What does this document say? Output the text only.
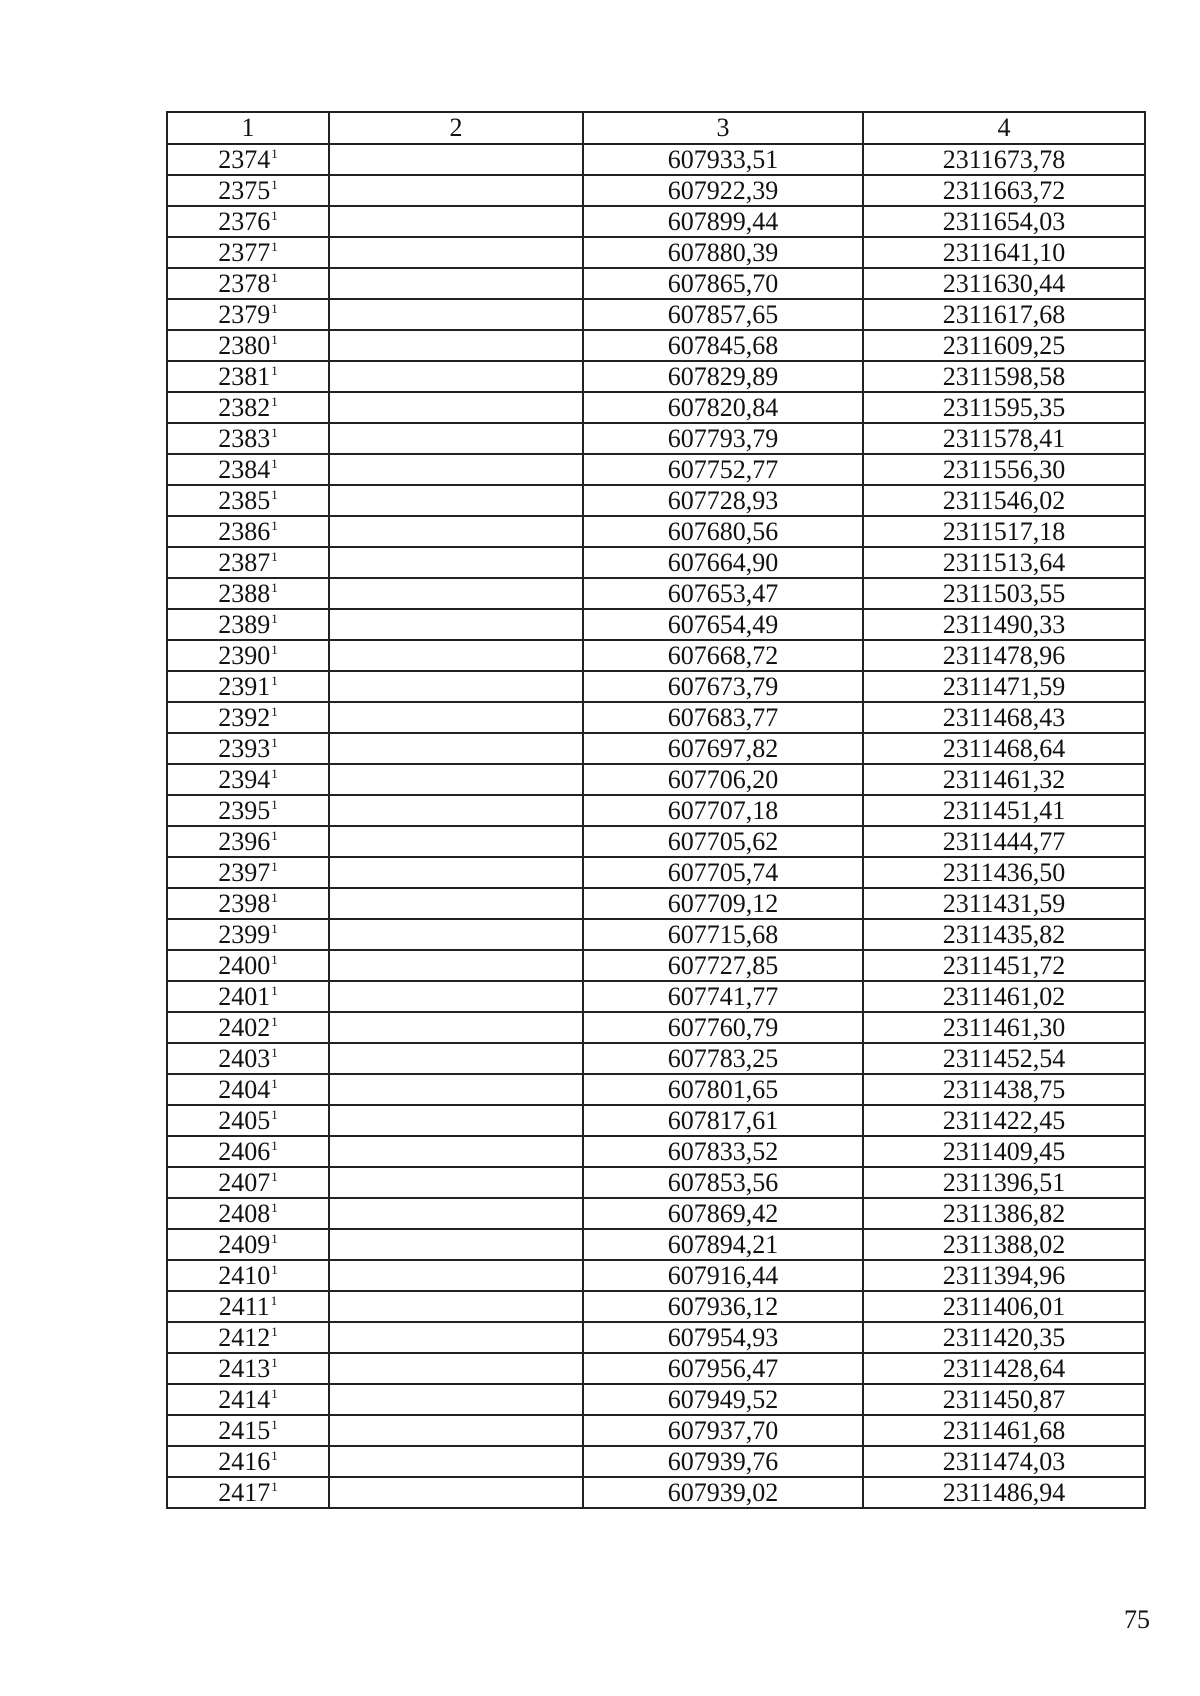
1	2	3	4
2374$^1$		607933,51	2311673,78
2375$^1$		607922,39	2311663,72
2376$^1$		607899,44	2311654,03
2377$^1$		607880,39	2311641,10
2378$^1$		607865,70	2311630,44
2379$^1$		607857,65	2311617,68
2380$^1$		607845,68	2311609,25
2381$^1$		607829,89	2311598,58
2382$^1$		607820,84	2311595,35
2383$^1$		607793,79	2311578,41
2384$^1$		607752,77	2311556,30
2385$^1$		607728,93	2311546,02
2386$^1$		607680,56	2311517,18
2387$^1$		607664,90	2311513,64
2388$^1$		607653,47	2311503,55
2389$^1$		607654,49	2311490,33
2390$^1$		607668,72	2311478,96
2391$^1$		607673,79	2311471,59
2392$^1$		607683,77	2311468,43
2393$^1$		607697,82	2311468,64
2394$^1$		607706,20	2311461,32
2395$^1$		607707,18	2311451,41
2396$^1$		607705,62	2311444,77
2397$^1$		607705,74	2311436,50
2398$^1$		607709,12	2311431,59
2399$^1$		607715,68	2311435,82
2400$^1$		607727,85	2311451,72
2401$^1$		607741,77	2311461,02
2402$^1$		607760,79	2311461,30
2403$^1$		607783,25	2311452,54
2404$^1$		607801,65	2311438,75
2405$^1$		607817,61	2311422,45
2406$^1$		607833,52	2311409,45
2407$^1$		607853,56	2311396,51
2408$^1$		607869,42	2311386,82
2409$^1$		607894,21	2311388,02
2410$^1$		607916,44	2311394,96
2411$^1$		607936,12	2311406,01
2412$^1$		607954,93	2311420,35
2413$^1$		607956,47	2311428,64
2414$^1$		607949,52	2311450,87
2415$^1$		607937,70	2311461,68
2416$^1$		607939,76	2311474,03
2417$^1$		607939,02	2311486,94
75
